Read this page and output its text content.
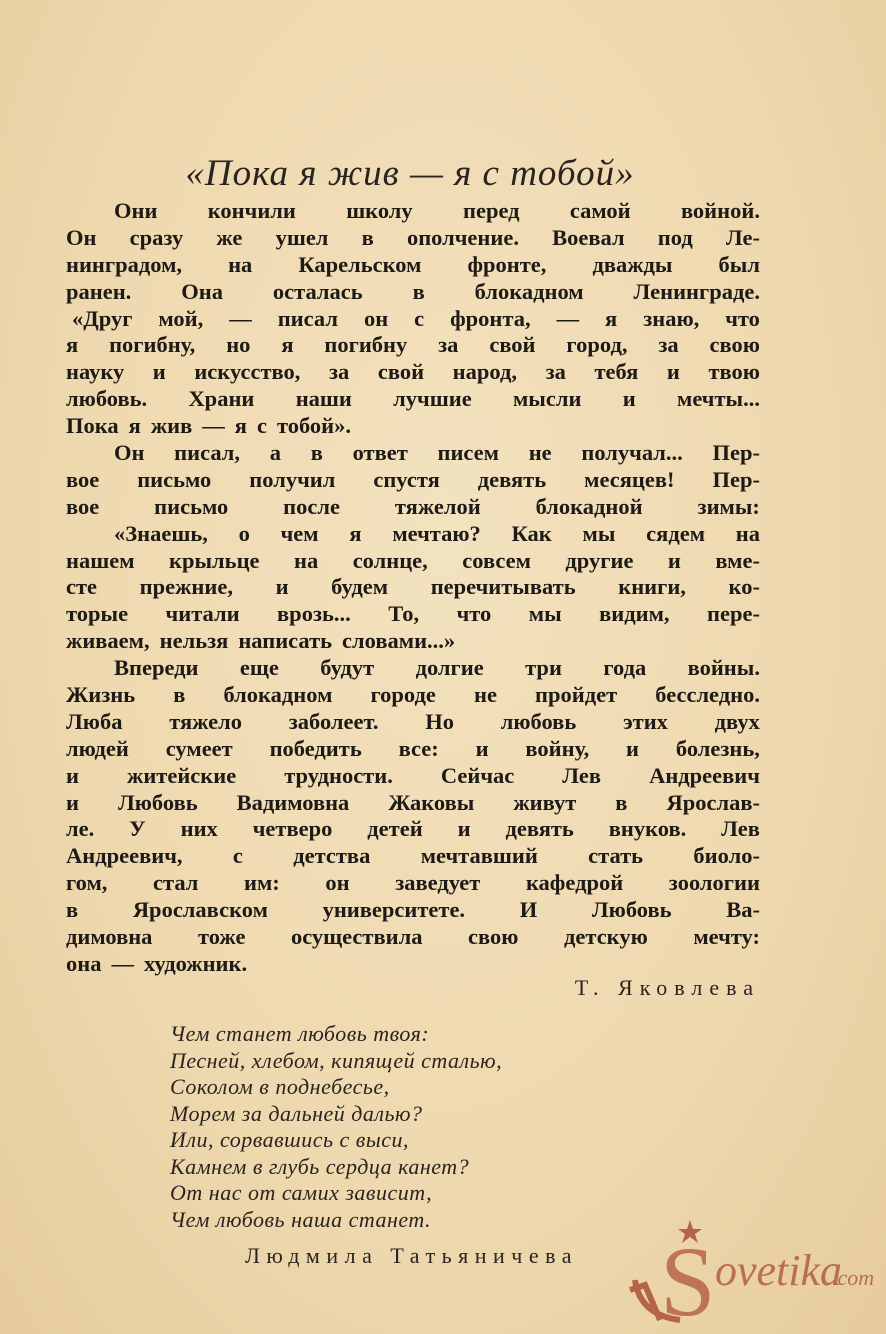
«Пока я жив — я с тобой»
Они кончили школу перед самой войной.
Он сразу же ушел в ополчение. Воевал под Ле-
нинградом, на Карельском фронте, дважды был
ранен. Она осталась в блокадном Ленинграде.
«Друг мой, — писал он с фронта, — я знаю, что
я погибну, но я погибну за свой город, за свою
науку и искусство, за свой народ, за тебя и твою
любовь. Храни наши лучшие мысли и мечты...
Пока я жив — я с тобой».
Он писал, а в ответ писем не получал... Пер-
вое письмо получил спустя девять месяцев! Пер-
вое письмо после тяжелой блокадной зимы:
«Знаешь, о чем я мечтаю? Как мы сядем на
нашем крыльце на солнце, совсем другие и вме-
сте прежние, и будем перечитывать книги, ко-
торые читали врозь... То, что мы видим, пере-
живаем, нельзя написать словами...»
Впереди еще будут долгие три года войны.
Жизнь в блокадном городе не пройдет бесследно.
Люба тяжело заболеет. Но любовь этих двух
людей сумеет победить все: и войну, и болезнь,
и житейские трудности. Сейчас Лев Андреевич
и Любовь Вадимовна Жаковы живут в Ярослав-
ле. У них четверо детей и девять внуков. Лев
Андреевич, с детства мечтавший стать биоло-
гом, стал им: он заведует кафедрой зоологии
в Ярославском университете. И Любовь Ва-
димовна тоже осуществила свою детскую мечту:
она — художник.
Т. Яковлева
Чем станет любовь твоя:
Песней, хлебом, кипящей сталью,
Соколом в поднебесье,
Морем за дальней далью?
Или, сорвавшись с выси,
Камнем в глубь сердца канет?
От нас от самих зависит,
Чем любовь наша станет.
Людмила Татьяничева S ovetika
.com
